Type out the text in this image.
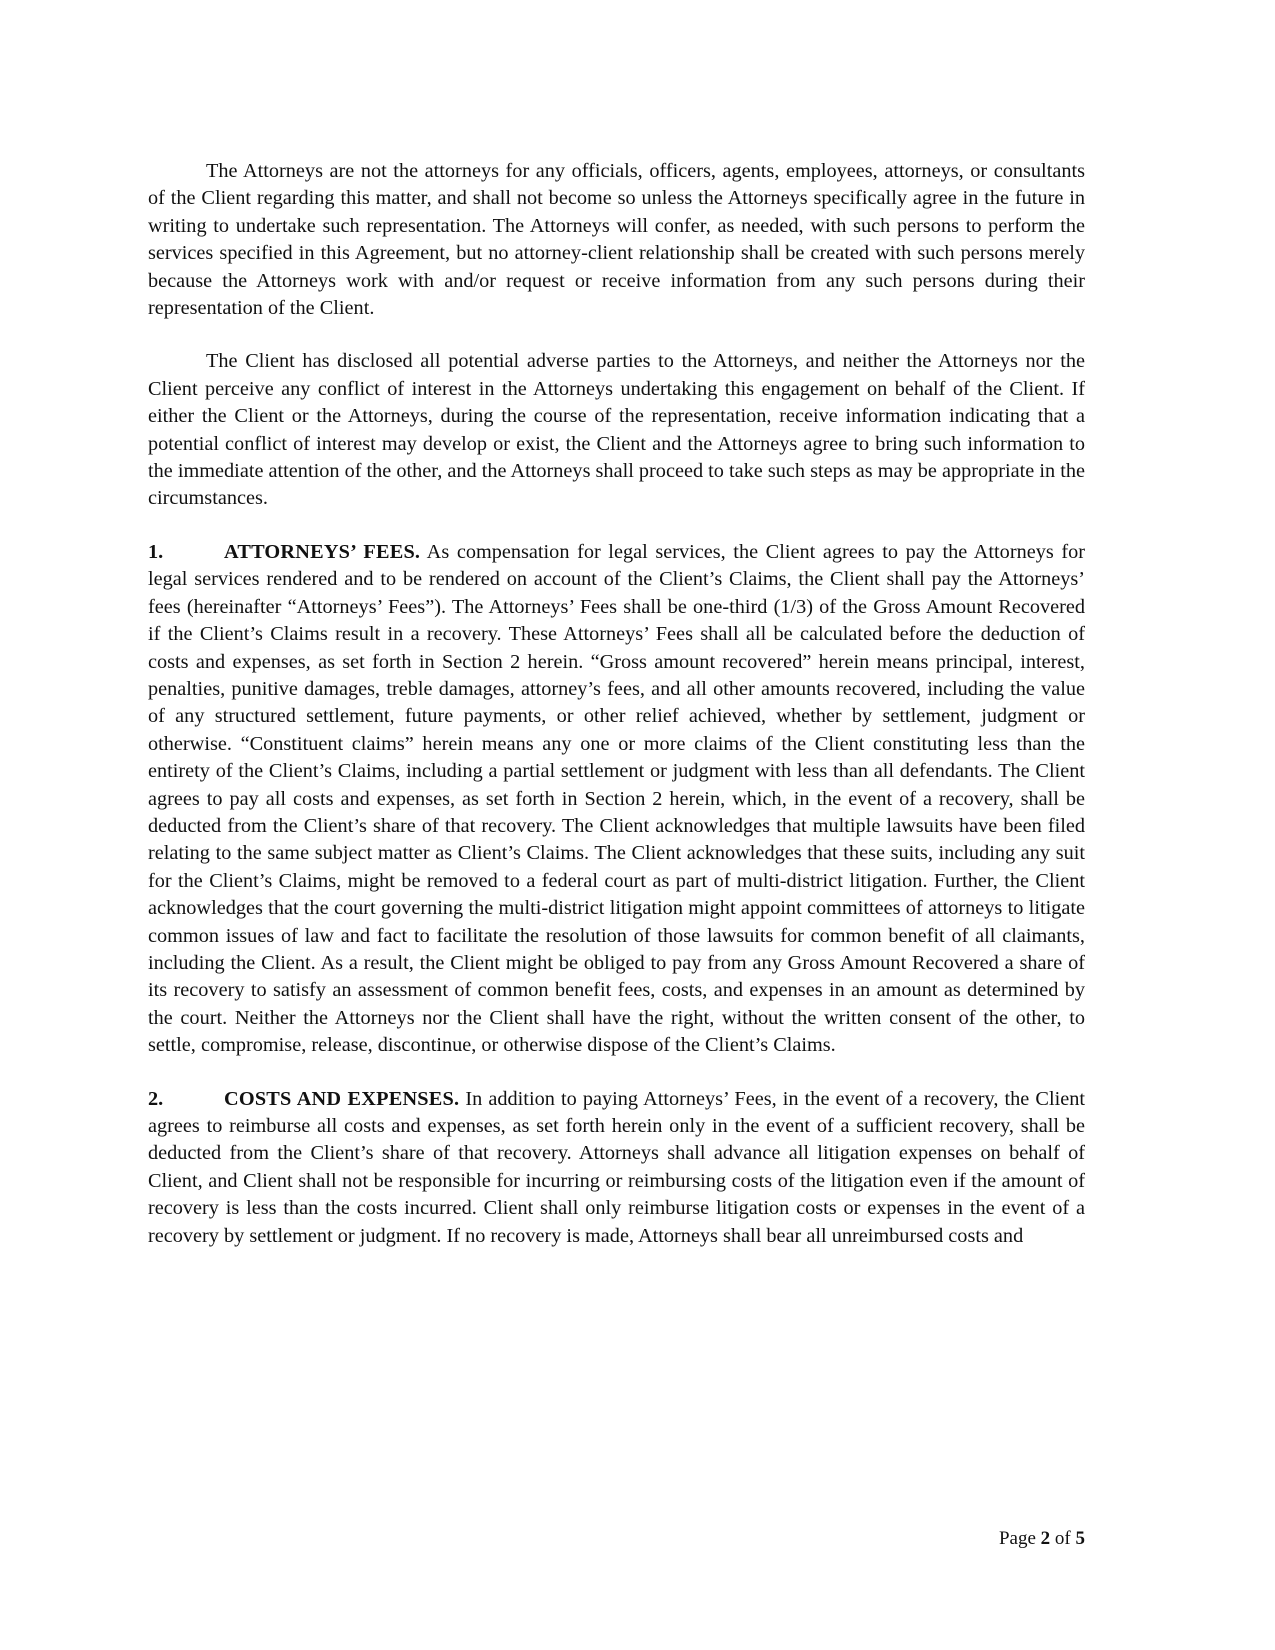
The Attorneys are not the attorneys for any officials, officers, agents, employees, attorneys, or consultants of the Client regarding this matter, and shall not become so unless the Attorneys specifically agree in the future in writing to undertake such representation. The Attorneys will confer, as needed, with such persons to perform the services specified in this Agreement, but no attorney-client relationship shall be created with such persons merely because the Attorneys work with and/or request or receive information from any such persons during their representation of the Client.

The Client has disclosed all potential adverse parties to the Attorneys, and neither the Attorneys nor the Client perceive any conflict of interest in the Attorneys undertaking this engagement on behalf of the Client. If either the Client or the Attorneys, during the course of the representation, receive information indicating that a potential conflict of interest may develop or exist, the Client and the Attorneys agree to bring such information to the immediate attention of the other, and the Attorneys shall proceed to take such steps as may be appropriate in the circumstances.

1.	ATTORNEYS’ FEES. As compensation for legal services, the Client agrees to pay the Attorneys for legal services rendered and to be rendered on account of the Client’s Claims, the Client shall pay the Attorneys’ fees (hereinafter “Attorneys’ Fees”). The Attorneys’ Fees shall be one-third (1/3) of the Gross Amount Recovered if the Client’s Claims result in a recovery. These Attorneys’ Fees shall all be calculated before the deduction of costs and expenses, as set forth in Section 2 herein. “Gross amount recovered” herein means principal, interest, penalties, punitive damages, treble damages, attorney’s fees, and all other amounts recovered, including the value of any structured settlement, future payments, or other relief achieved, whether by settlement, judgment or otherwise. “Constituent claims” herein means any one or more claims of the Client constituting less than the entirety of the Client’s Claims, including a partial settlement or judgment with less than all defendants. The Client agrees to pay all costs and expenses, as set forth in Section 2 herein, which, in the event of a recovery, shall be deducted from the Client’s share of that recovery. The Client acknowledges that multiple lawsuits have been filed relating to the same subject matter as Client’s Claims. The Client acknowledges that these suits, including any suit for the Client’s Claims, might be removed to a federal court as part of multi-district litigation. Further, the Client acknowledges that the court governing the multi-district litigation might appoint committees of attorneys to litigate common issues of law and fact to facilitate the resolution of those lawsuits for common benefit of all claimants, including the Client. As a result, the Client might be obliged to pay from any Gross Amount Recovered a share of its recovery to satisfy an assessment of common benefit fees, costs, and expenses in an amount as determined by the court. Neither the Attorneys nor the Client shall have the right, without the written consent of the other, to settle, compromise, release, discontinue, or otherwise dispose of the Client’s Claims.

2.	COSTS AND EXPENSES. In addition to paying Attorneys’ Fees, in the event of a recovery, the Client agrees to reimburse all costs and expenses, as set forth herein only in the event of a sufficient recovery, shall be deducted from the Client’s share of that recovery. Attorneys shall advance all litigation expenses on behalf of Client, and Client shall not be responsible for incurring or reimbursing costs of the litigation even if the amount of recovery is less than the costs incurred. Client shall only reimburse litigation costs or expenses in the event of a recovery by settlement or judgment. If no recovery is made, Attorneys shall bear all unreimbursed costs and

Page 2 of 5
